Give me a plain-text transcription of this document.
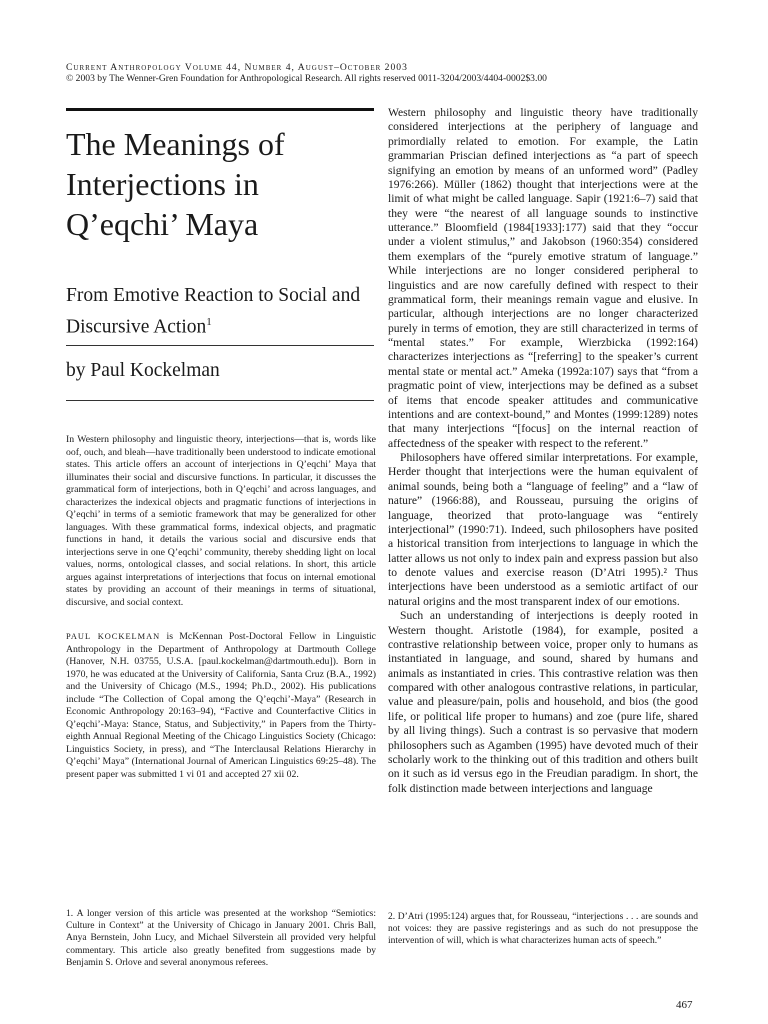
Current Anthropology Volume 44, Number 4, August–October 2003
© 2003 by The Wenner-Gren Foundation for Anthropological Research. All rights reserved 0011-3204/2003/4404-0002$3.00
The Meanings of Interjections in Q’eqchi’ Maya
From Emotive Reaction to Social and Discursive Action$^1$
by Paul Kockelman

In Western philosophy and linguistic theory, interjections—that is, words like oof, ouch, and bleah—have traditionally been understood to indicate emotional states. This article offers an account of interjections in Q’eqchi’ Maya that illuminates their social and discursive functions. In particular, it discusses the grammatical form of interjections, both in Q’eqchi’ and across languages, and characterizes the indexical objects and pragmatic functions of interjections in Q’eqchi’ in terms of a semiotic framework that may be generalized for other languages. With these grammatical forms, indexical objects, and pragmatic functions in hand, it details the various social and discursive ends that interjections serve in one Q’eqchi’ community, thereby shedding light on local values, norms, ontological classes, and social relations. In short, this article argues against interpretations of interjections that focus on internal emotional states by providing an account of their meanings in terms of situational, discursive, and social context.

PAUL KOCKELMAN is McKennan Post-Doctoral Fellow in Linguistic Anthropology in the Department of Anthropology at Dartmouth College (Hanover, N.H. 03755, U.S.A. [paul.kockelman@dartmouth.edu]). Born in 1970, he was educated at the University of California, Santa Cruz (B.A., 1992) and the University of Chicago (M.S., 1994; Ph.D., 2002). His publications include “The Collection of Copal among the Q’eqchi’-Maya” (Research in Economic Anthropology 20:163–94), “Factive and Counterfactive Clitics in Q’eqchi’-Maya: Stance, Status, and Subjectivity,” in Papers from the Thirty-eighth Annual Regional Meeting of the Chicago Linguistics Society (Chicago: Linguistics Society, in press), and “The Interclausal Relations Hierarchy in Q’eqchi’ Maya” (International Journal of American Linguistics 69:25–48). The present paper was submitted 1 vi 01 and accepted 27 xii 02.

1. A longer version of this article was presented at the workshop “Semiotics: Culture in Context” at the University of Chicago in January 2001. Chris Ball, Anya Bernstein, John Lucy, and Michael Silverstein all provided very helpful commentary. This article also greatly benefited from suggestions made by Benjamin S. Orlove and several anonymous referees.

Western philosophy and linguistic theory have traditionally considered interjections at the periphery of language and primordially related to emotion. For example, the Latin grammarian Priscian defined interjections as “a part of speech signifying an emotion by means of an unformed word” (Padley 1976:266). Müller (1862) thought that interjections were at the limit of what might be called language. Sapir (1921:6–7) said that they were “the nearest of all language sounds to instinctive utterance.” Bloomfield (1984[1933]:177) said that they “occur under a violent stimulus,” and Jakobson (1960:354) considered them exemplars of the “purely emotive stratum of language.” While interjections are no longer considered peripheral to linguistics and are now carefully defined with respect to their grammatical form, their meanings remain vague and elusive. In particular, although interjections are no longer characterized purely in terms of emotion, they are still characterized in terms of “mental states.” For example, Wierzbicka (1992:164) characterizes interjections as “[referring] to the speaker’s current mental state or mental act.” Ameka (1992a:107) says that “from a pragmatic point of view, interjections may be defined as a subset of items that encode speaker attitudes and communicative intentions and are context-bound,” and Montes (1999:1289) notes that many interjections “[focus] on the internal reaction of affectedness of the speaker with respect to the referent.”

Philosophers have offered similar interpretations. For example, Herder thought that interjections were the human equivalent of animal sounds, being both a “language of feeling” and a “law of nature” (1966:88), and Rousseau, pursuing the origins of language, theorized that proto-language was “entirely interjectional” (1990:71). Indeed, such philosophers have posited a historical transition from interjections to language in which the latter allows us not only to index pain and express passion but also to denote values and exercise reason (D’Atri 1995).² Thus interjections have been understood as a semiotic artifact of our natural origins and the most transparent index of our emotions.

Such an understanding of interjections is deeply rooted in Western thought. Aristotle (1984), for example, posited a contrastive relationship between voice, proper only to humans as instantiated in language, and sound, shared by humans and animals as instantiated in cries. This contrastive relation was then compared with other analogous contrastive relations, in particular, value and pleasure/pain, polis and household, and bios (the good life, or political life proper to humans) and zoe (pure life, shared by all living things). Such a contrast is so pervasive that modern philosophers such as Agamben (1995) have devoted much of their scholarly work to the thinking out of this tradition and others built on it such as id versus ego in the Freudian paradigm. In short, the folk distinction made between interjections and language

2. D’Atri (1995:124) argues that, for Rousseau, “interjections . . . are sounds and not voices: they are passive registerings and as such do not presuppose the intervention of will, which is what characterizes human acts of speech.”

467
